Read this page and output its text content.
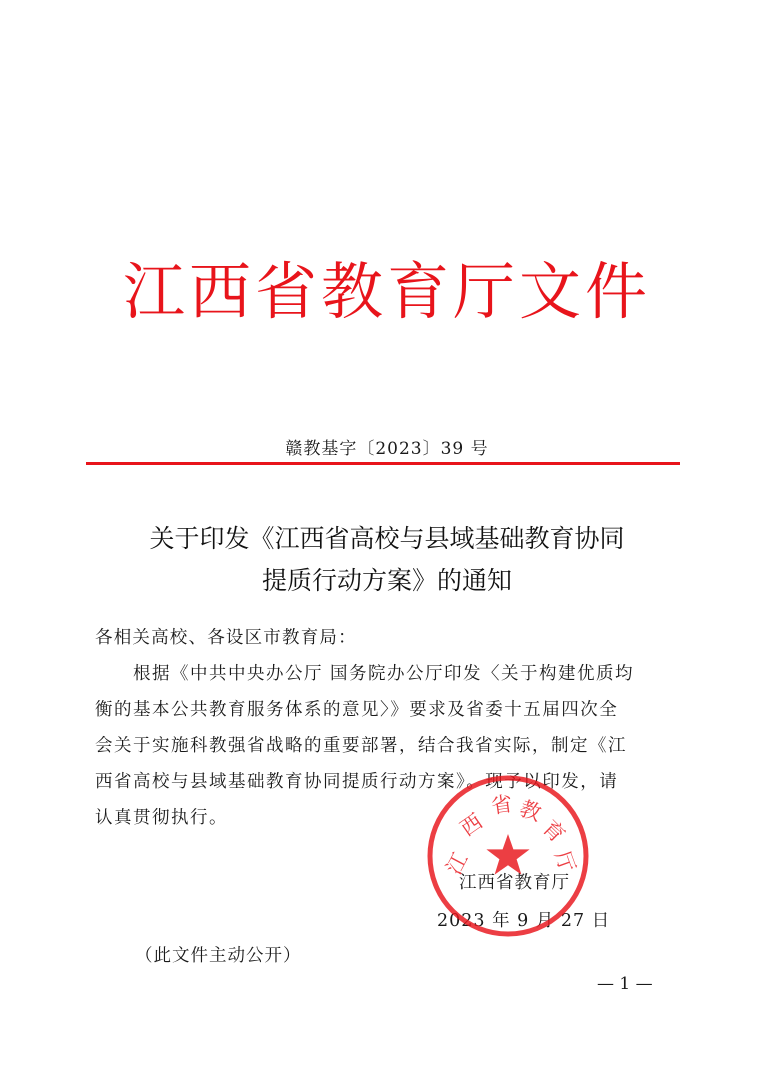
江西省教育厅文件
赣教基字〔2023〕39 号
关于印发《江西省高校与县域基础教育协同
提质行动方案》的通知
各相关高校、各设区市教育局：
根据《中共中央办公厅 国务院办公厅印发〈关于构建优质均
衡的基本公共教育服务体系的意见〉》要求及省委十五届四次全
会关于实施科教强省战略的重要部署，结合我省实际，制定《江
西省高校与县域基础教育协同提质行动方案》。现予以印发，请
认真贯彻执行。
江西省教育厅
2023 年 9 月 27 日
（此文件主动公开）
— 1 —
江
西
省 教
育
厅
